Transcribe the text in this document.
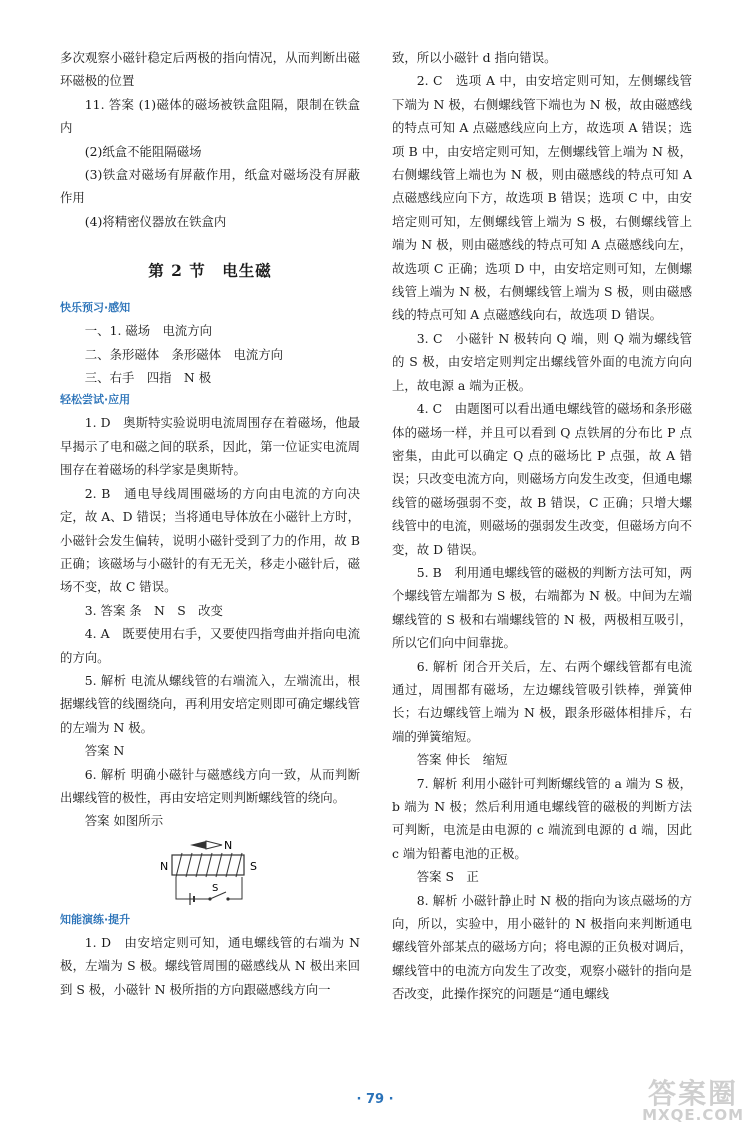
多次观察小磁针稳定后两极的指向情况，从而判断出磁环磁极的位置

11. 答案 (1)磁体的磁场被铁盒阻隔，限制在铁盒内

(2)纸盒不能阻隔磁场

(3)铁盒对磁场有屏蔽作用，纸盒对磁场没有屏蔽作用

(4)将精密仪器放在铁盒内

第 2 节　电生磁
快乐预习·感知

一、1. 磁场　电流方向

二、条形磁体　条形磁体　电流方向

三、右手　四指　N 极

轻松尝试·应用

1. D　奥斯特实验说明电流周围存在着磁场，他最早揭示了电和磁之间的联系，因此，第一位证实电流周围存在着磁场的科学家是奥斯特。

2. B　通电导线周围磁场的方向由电流的方向决定，故 A、D 错误；当将通电导体放在小磁针上方时，小磁针会发生偏转，说明小磁针受到了力的作用，故 B 正确；该磁场与小磁针的有无无关，移走小磁针后，磁场不变，故 C 错误。

3. 答案 条　N　S　改变

4. A　既要使用右手，又要使四指弯曲并指向电流的方向。

5. 解析 电流从螺线管的右端流入，左端流出，根据螺线管的线圈绕向，再利用安培定则即可确定螺线管的左端为 N 极。

答案 N

6. 解析 明确小磁针与磁感线方向一致，从而判断出螺线管的极性，再由安培定则判断螺线管的绕向。

答案 如图所示

N
N	S
S
知能演练·提升

1. D　由安培定则可知，通电螺线管的右端为 N 极，左端为 S 极。螺线管周围的磁感线从 N 极出来回到 S 极，小磁针 N 极所指的方向跟磁感线方向一

致，所以小磁针 d 指向错误。

2. C　选项 A 中，由安培定则可知，左侧螺线管下端为 N 极，右侧螺线管下端也为 N 极，故由磁感线的特点可知 A 点磁感线应向上方，故选项 A 错误；选项 B 中，由安培定则可知，左侧螺线管上端为 N 极，右侧螺线管上端也为 N 极，则由磁感线的特点可知 A 点磁感线应向下方，故选项 B 错误；选项 C 中，由安培定则可知，左侧螺线管上端为 S 极，右侧螺线管上端为 N 极，则由磁感线的特点可知 A 点磁感线向左，故选项 C 正确；选项 D 中，由安培定则可知，左侧螺线管上端为 N 极，右侧螺线管上端为 S 极，则由磁感线的特点可知 A 点磁感线向右，故选项 D 错误。

3. C　小磁针 N 极转向 Q 端，则 Q 端为螺线管的 S 极，由安培定则判定出螺线管外面的电流方向向上，故电源 a 端为正极。

4. C　由题图可以看出通电螺线管的磁场和条形磁体的磁场一样，并且可以看到 Q 点铁屑的分布比 P 点密集，由此可以确定 Q 点的磁场比 P 点强，故 A 错误；只改变电流方向，则磁场方向发生改变，但通电螺线管的磁场强弱不变，故 B 错误，C 正确；只增大螺线管中的电流，则磁场的强弱发生改变，但磁场方向不变，故 D 错误。

5. B　利用通电螺线管的磁极的判断方法可知，两个螺线管左端都为 S 极，右端都为 N 极。中间为左端螺线管的 S 极和右端螺线管的 N 极，两极相互吸引，所以它们向中间靠拢。

6. 解析 闭合开关后，左、右两个螺线管都有电流通过，周围都有磁场，左边螺线管吸引铁棒，弹簧伸长；右边螺线管上端为 N 极，跟条形磁体相排斥，右端的弹簧缩短。

答案 伸长　缩短

7. 解析 利用小磁针可判断螺线管的 a 端为 S 极，b 端为 N 极；然后利用通电螺线管的磁极的判断方法可判断，电流是由电源的 c 端流到电源的 d 端，因此 c 端为铅蓄电池的正极。

答案 S　正

8. 解析 小磁针静止时 N 极的指向为该点磁场的方向，所以，实验中，用小磁针的 N 极指向来判断通电螺线管外部某点的磁场方向；将电源的正负极对调后，螺线管中的电流方向发生了改变，观察小磁针的指向是否改变，此操作探究的问题是“通电螺线

· 79 ·	答案圈
MXQE.COM
